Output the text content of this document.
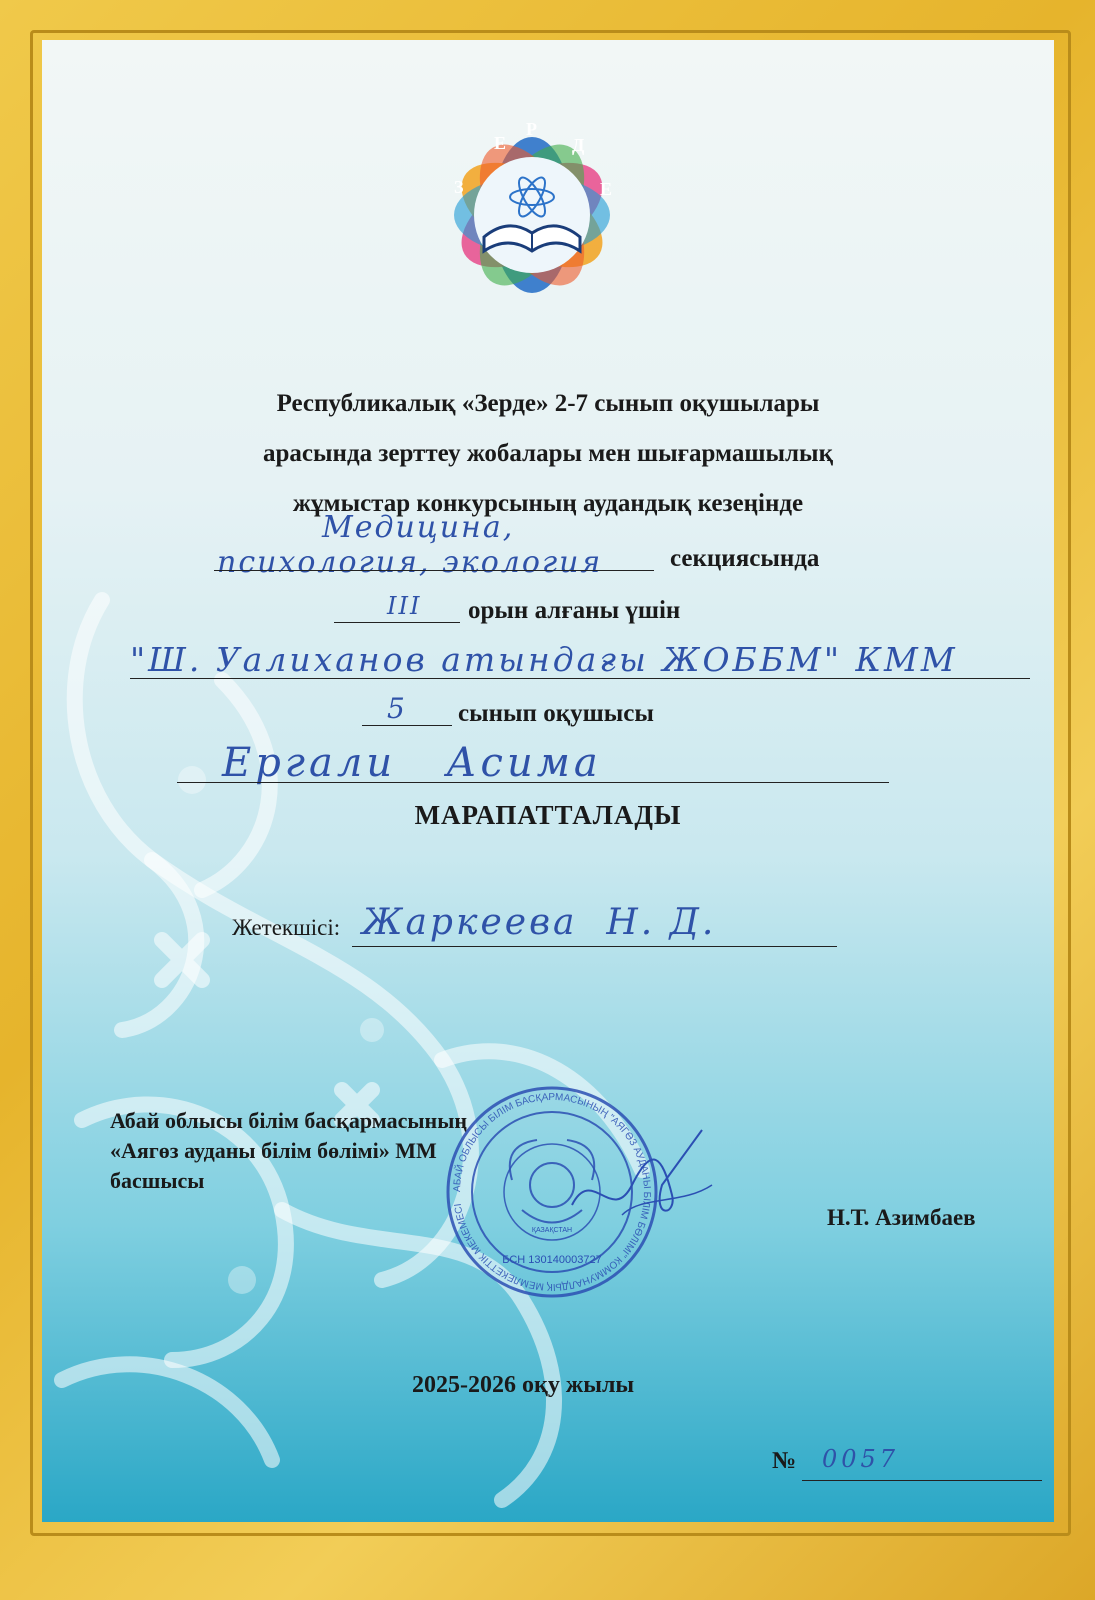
З
Е
Р
Д
Е
Республикалық «Зерде» 2-7 сынып оқушылары
арасында зерттеу жобалары мен шығармашылық
жұмыстар конкурсының аудандық кезеңінде
Медицина,
психология, экология	секциясында
III орын алғаны үшін
"Ш. Уалиханов атындағы ЖОББМ" КММ
5 сынып оқушысы
Ергали   Асима
МАРАПАТТАЛАДЫ
Жетекшісі: Жаркеева  Н. Д.
Абай облысы білім басқармасының
«Аягөз ауданы білім бөлімі» ММ
басшысы
Н.Т. Азимбаев
АБАЙ ОБЛЫСЫ БІЛІМ БАСҚАРМАСЫНЫҢ "АЯГӨЗ АУДАНЫ БІЛІМ БӨЛІМІ" КОММУНАЛДЫҚ МЕМЛЕКЕТТІК МЕКЕМЕСІ
БСН 130140003727
ҚАЗАҚСТАН
2025-2026 оқу жылы
№ 0057
